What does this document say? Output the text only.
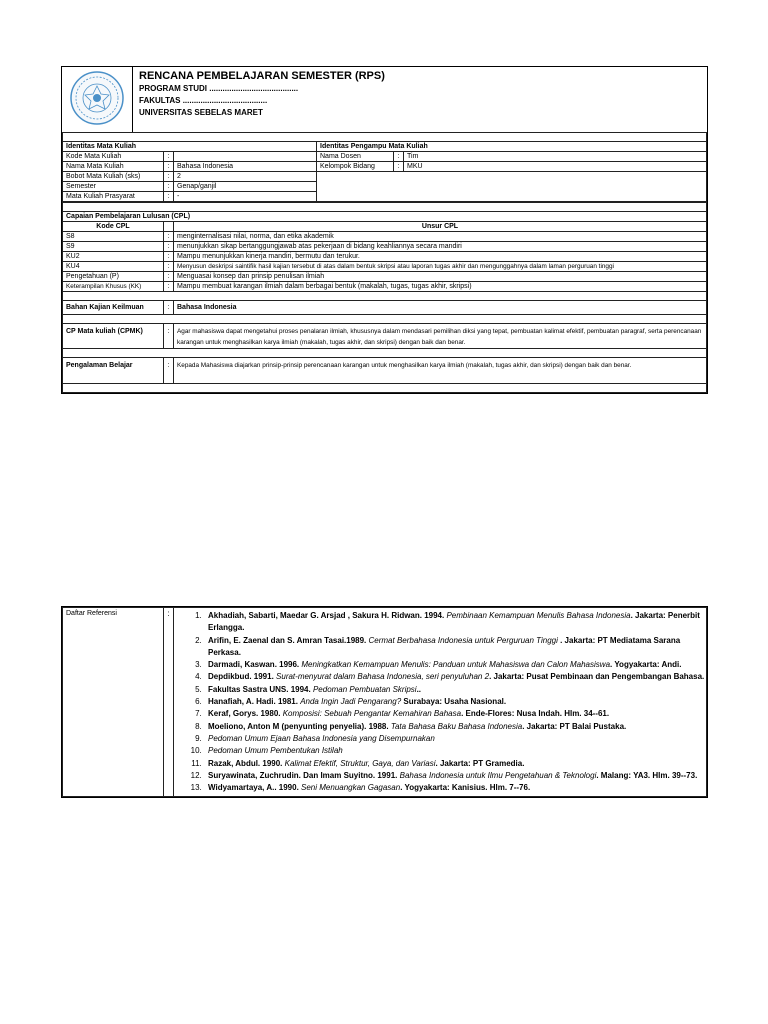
RENCANA PEMBELAJARAN SEMESTER (RPS)
PROGRAM STUDI ........................................
FAKULTAS ......................................
UNIVERSITAS SEBELAS MARET

Identitas Mata Kuliah			Identitas Pengampu Mata Kuliah		
Kode Mata Kuliah	:		Nama Dosen	:	Tim
Nama Mata Kuliah	:	Bahasa Indonesia	Kelompok Bidang	:	MKU
Bobot Mata Kuliah (sks)	:	2			
Semester	:	Genap/ganjil			
Mata Kuliah Prasyarat	:	-			

Capaian Pembelajaran Lulusan (CPL)		
Kode CPL		Unsur CPL
S8	:	menginternalisasi nilai, norma, dan etika akademik
S9	:	menunjukkan sikap bertanggungjawab atas pekerjaan di bidang keahliannya secara mandiri
KU2	:	Mampu menunjukkan kinerja mandiri, bermutu dan terukur.
KU4	:	Menyusun deskripsi saintifik hasil kajian tersebut di atas dalam bentuk skripsi atau laporan tugas akhir dan mengunggahnya dalam laman perguruan tinggi
Pengetahuan (P)	:	Menguasai konsep dan prinsip penulisan ilmiah
Keterampilan Khusus (KK)	:	Mampu membuat karangan ilmiah dalam berbagai bentuk (makalah, tugas, tugas akhir, skripsi)

Bahan Kajian Keilmuan	:	Bahasa Indonesia

CP Mata kuliah (CPMK)	:	Agar mahasiswa dapat mengetahui proses penalaran ilmiah, khususnya dalam mendasari pemilihan diksi yang tepat, pembuatan kalimat efektif, pembuatan paragraf, serta perencanaan karangan untuk menghasilkan karya ilmiah (makalah, tugas akhir, dan skripsi) dengan baik dan benar.

Pengalaman Belajar	:	Kepada Mahasiswa diajarkan prinsip-prinsip perencanaan karangan untuk menghasilkan karya ilmiah (makalah, tugas akhir, dan skripsi) dengan baik dan benar.

Daftar Referensi	:	
1.Akhadiah, Sabarti, Maedar G. Arsjad , Sakura H. Ridwan. 1994. Pembinaan Kemampuan Menulis Bahasa Indonesia. Jakarta: Penerbit Erlangga.
2. Arifin, E. Zaenal dan S. Amran Tasai.1989. Cermat Berbahasa Indonesia untuk Perguruan Tinggi . Jakarta: PT Mediatama Sarana Perkasa.
3. Darmadi, Kaswan. 1996. Meningkatkan Kemampuan Menulis: Panduan untuk Mahasiswa dan Calon Mahasiswa. Yogyakarta: Andi.
4. Depdikbud. 1991. Surat-menyurat dalam Bahasa Indonesia, seri penyuluhan 2. Jakarta: Pusat Pembinaan dan Pengembangan Bahasa.
5. Fakultas Sastra UNS. 1994. Pedoman Pembuatan Skripsi..
6. Hanafiah, A. Hadi. 1981. Anda Ingin Jadi Pengarang? Surabaya: Usaha Nasional.
7. Keraf, Gorys. 1980. Komposisi: Sebuah Pengantar Kemahiran Bahasa. Ende-Flores: Nusa Indah. Hlm. 34--61.
8. Moeliono, Anton M (penyunting penyelia). 1988. Tata Bahasa Baku Bahasa Indonesia. Jakarta: PT Balai Pustaka.
9. Pedoman Umum Ejaan Bahasa Indonesia yang Disempurnakan
10. Pedoman Umum Pembentukan Istilah
11. Razak, Abdul. 1990. Kalimat Efektif, Struktur, Gaya, dan Variasi. Jakarta: PT Gramedia.
12. Suryawinata, Zuchrudin. Dan Imam Suyitno. 1991. Bahasa Indonesia untuk Ilmu Pengetahuan & Teknologi. Malang: YA3. Hlm. 39--73.
13. Widyamartaya, A.. 1990. Seni Menuangkan Gagasan. Yogyakarta: Kanisius. Hlm. 7--76.
